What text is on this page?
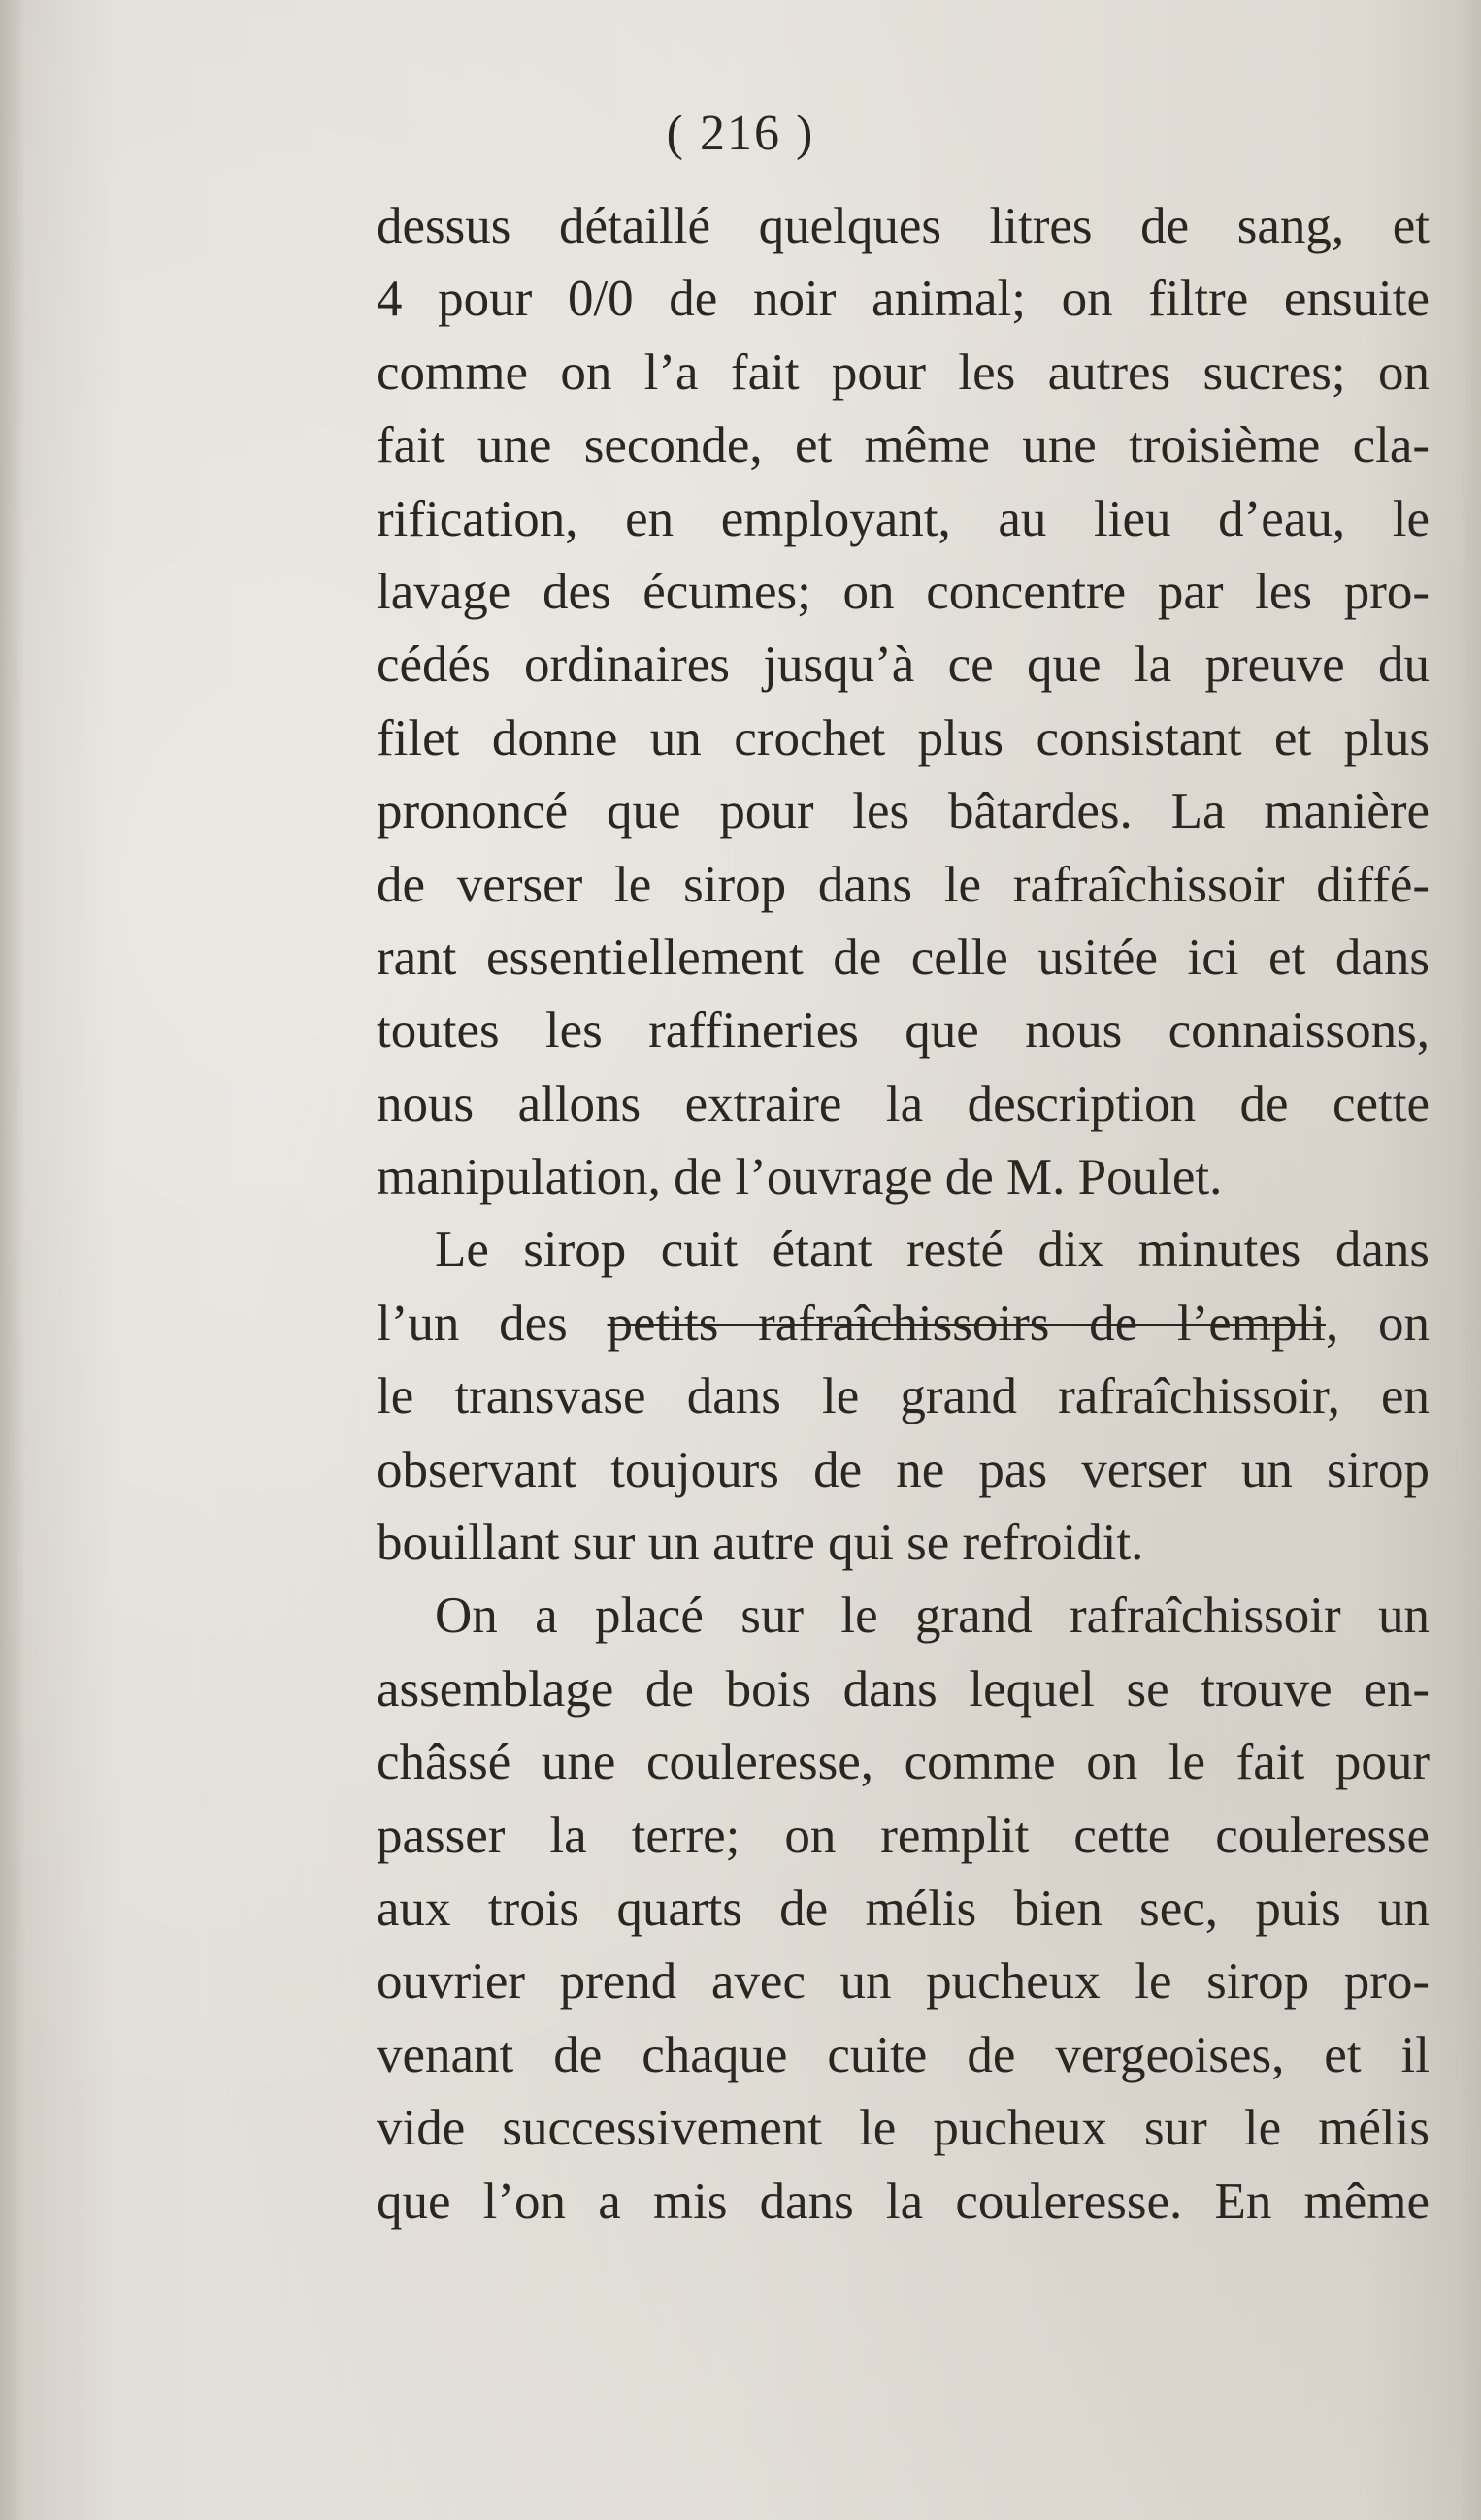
( 216 )
dessus détaillé quelques litres de sang, et
4 pour 0/0 de noir animal; on filtre ensuite
comme on l’a fait pour les autres sucres; on
fait une seconde, et même une troisième cla-
rification, en employant, au lieu d’eau, le
lavage des écumes; on concentre par les pro-
cédés ordinaires jusqu’à ce que la preuve du
filet donne un crochet plus consistant et plus
prononcé que pour les bâtardes. La manière
de verser le sirop dans le rafraîchissoir diffé-
rant essentiellement de celle usitée ici et dans
toutes les raffineries que nous connaissons,
nous allons extraire la description de cette
manipulation, de l’ouvrage de M. Poulet.
Le sirop cuit étant resté dix minutes dans
l’un des petits rafraîchissoirs de l’empli, on
le transvase dans le grand rafraîchissoir, en
observant toujours de ne pas verser un sirop
bouillant sur un autre qui se refroidit.
On a placé sur le grand rafraîchissoir un
assemblage de bois dans lequel se trouve en-
châssé une couleresse, comme on le fait pour
passer la terre; on remplit cette couleresse
aux trois quarts de mélis bien sec, puis un
ouvrier prend avec un pucheux le sirop pro-
venant de chaque cuite de vergeoises, et il
vide successivement le pucheux sur le mélis
que l’on a mis dans la couleresse. En même
